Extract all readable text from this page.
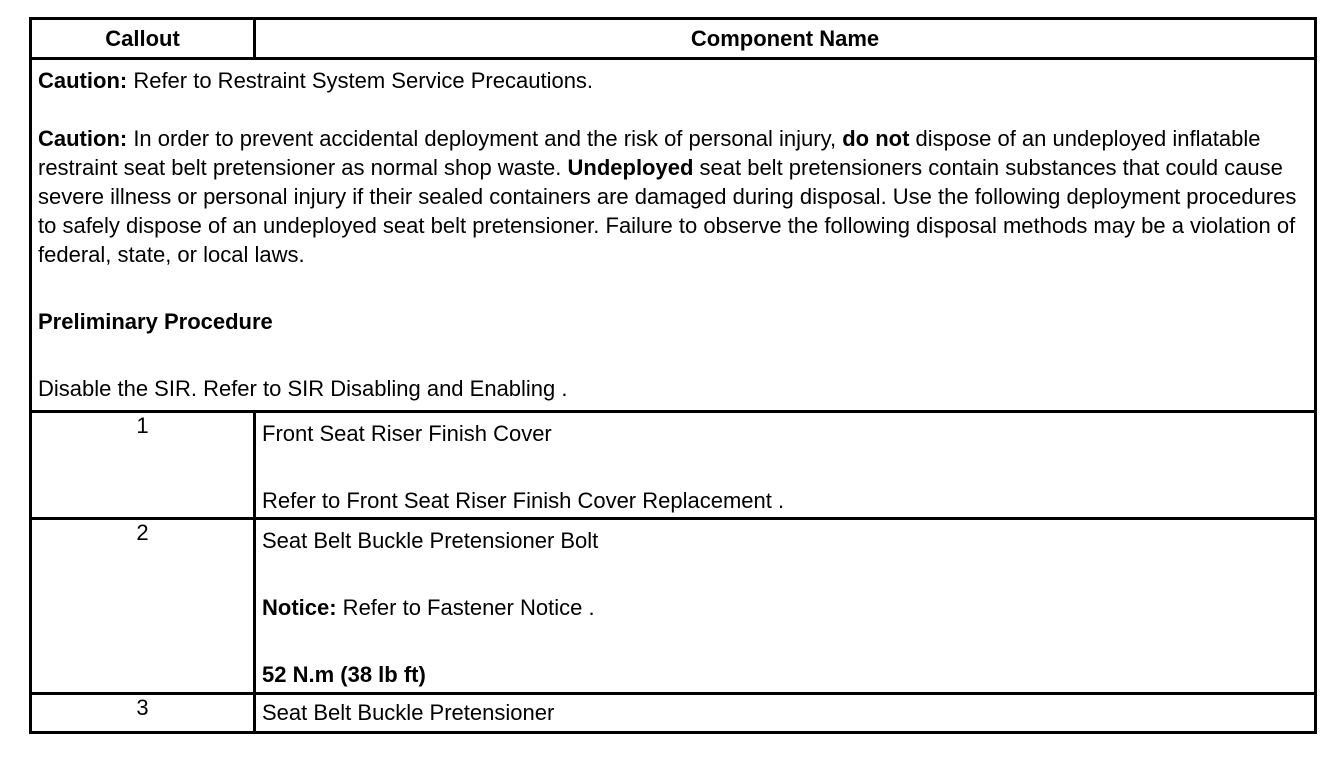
Callout	Component Name

Caution: Refer to Restraint System Service Precautions.

Caution: In order to prevent accidental deployment and the risk of personal injury, do not dispose of an undeployed inflatable restraint seat belt pretensioner as normal shop waste. Undeployed seat belt pretensioners contain substances that could cause severe illness or personal injury if their sealed containers are damaged during disposal. Use the following deployment procedures to safely dispose of an undeployed seat belt pretensioner. Failure to observe the following disposal methods may be a violation of federal, state, or local laws.

Preliminary Procedure

Disable the SIR. Refer to SIR Disabling and Enabling .	

1	Front Seat Riser Finish Cover
Refer to Front Seat Riser Finish Cover Replacement .

2	Seat Belt Buckle Pretensioner Bolt
Notice: Refer to Fastener Notice .
52 N.m (38 lb ft)

3	Seat Belt Buckle Pretensioner
